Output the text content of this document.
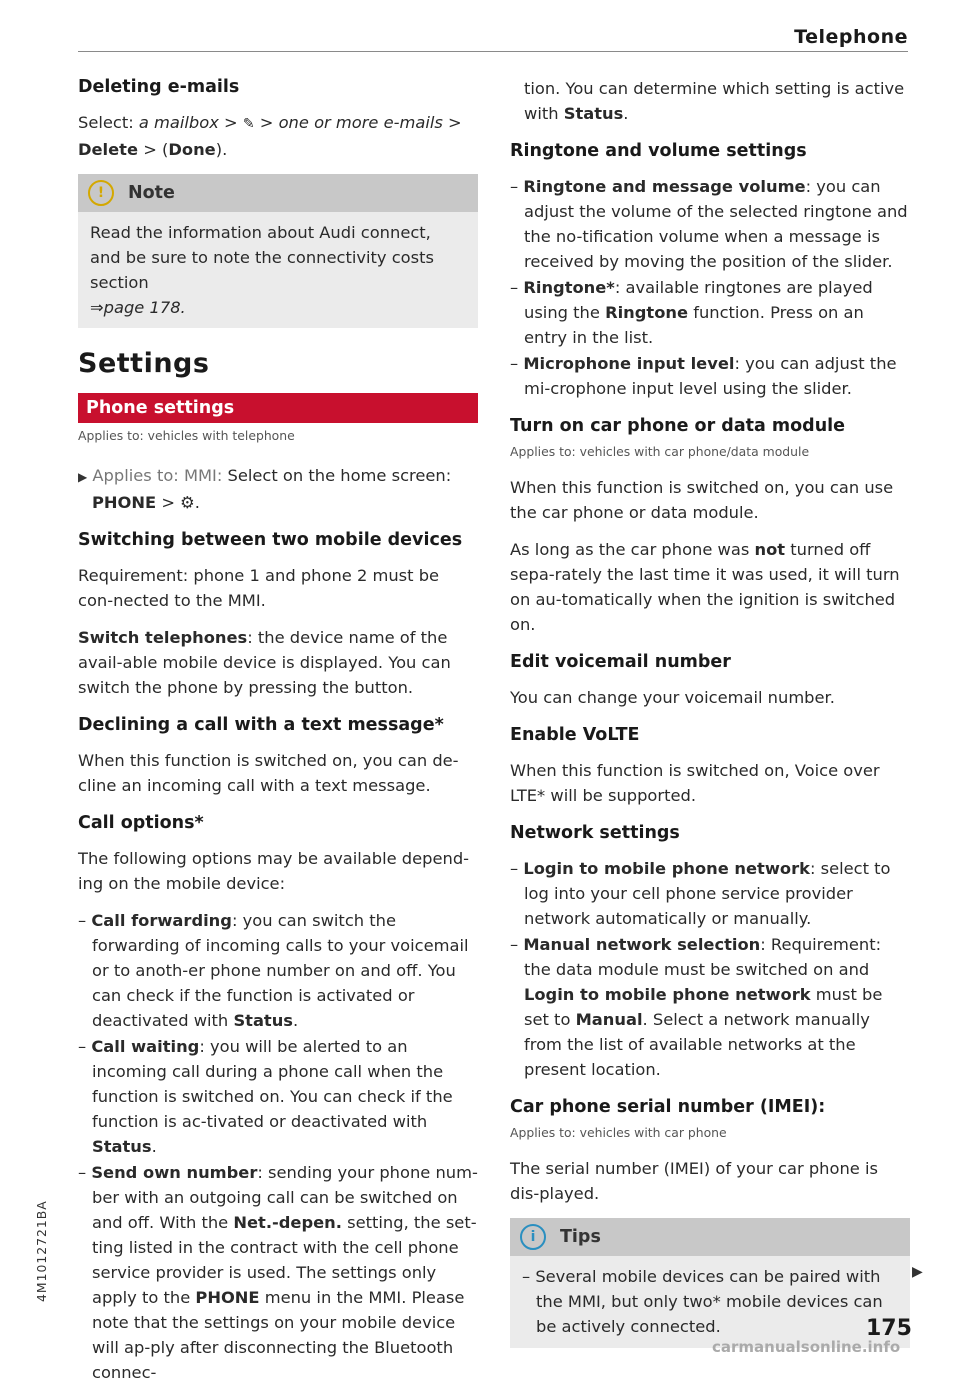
Telephone
Deleting e-mails

Select: a mailbox > ✎ > one or more e-mails >
Delete > (Done).

!	Note
Read the information about Audi connect, and be sure to note the connectivity costs section
⇒page 178.
Settings
Phone settings
Applies to: vehicles with telephone

▶ Applies to: MMI: Select on the home screen:
PHONE > ⚙.

Switching between two mobile devices

Requirement: phone 1 and phone 2 must be con-nected to the MMI.

Switch telephones: the device name of the avail-able mobile device is displayed. You can switch the phone by pressing the button.

Declining a call with a text message*

When this function is switched on, you can de-cline an incoming call with a text message.

Call options*

The following options may be available depend-ing on the mobile device:

– Call forwarding: you can switch the forwarding of incoming calls to your voicemail or to anoth-er phone number on and off. You can check if the function is activated or deactivated with Status.
– Call waiting: you will be alerted to an incoming call during a phone call when the function is switched on. You can check if the function is ac-tivated or deactivated with Status.
– Send own number: sending your phone num-ber with an outgoing call can be switched on and off. With the Net.-depen. setting, the set-ting listed in the contract with the cell phone service provider is used. The settings only apply to the PHONE menu in the MMI. Please note that the settings on your mobile device will ap-ply after disconnecting the Bluetooth connec-

tion. You can determine which setting is active with Status.

Ringtone and volume settings
– Ringtone and message volume: you can adjust the volume of the selected ringtone and the no-tification volume when a message is received by moving the position of the slider.
– Ringtone*: available ringtones are played using the Ringtone function. Press on an entry in the list.
– Microphone input level: you can adjust the mi-crophone input level using the slider.
Turn on car phone or data module
Applies to: vehicles with car phone/data module

When this function is switched on, you can use the car phone or data module.

As long as the car phone was not turned off sepa-rately the last time it was used, it will turn on au-tomatically when the ignition is switched on.

Edit voicemail number

You can change your voicemail number.

Enable VoLTE

When this function is switched on, Voice over LTE* will be supported.

Network settings
– Login to mobile phone network: select to log into your cell phone service provider network automatically or manually.
– Manual network selection: Requirement: the data module must be switched on and Login to mobile phone network must be set to Manual. Select a network manually from the list of available networks at the present location.
Car phone serial number (IMEI):
Applies to: vehicles with car phone

The serial number (IMEI) of your car phone is dis-played.

i	Tips
– Several mobile devices can be paired with the MMI, but only two* mobile devices can be actively connected.
▶
175
4M1012721BA
carmanualsonline.info
